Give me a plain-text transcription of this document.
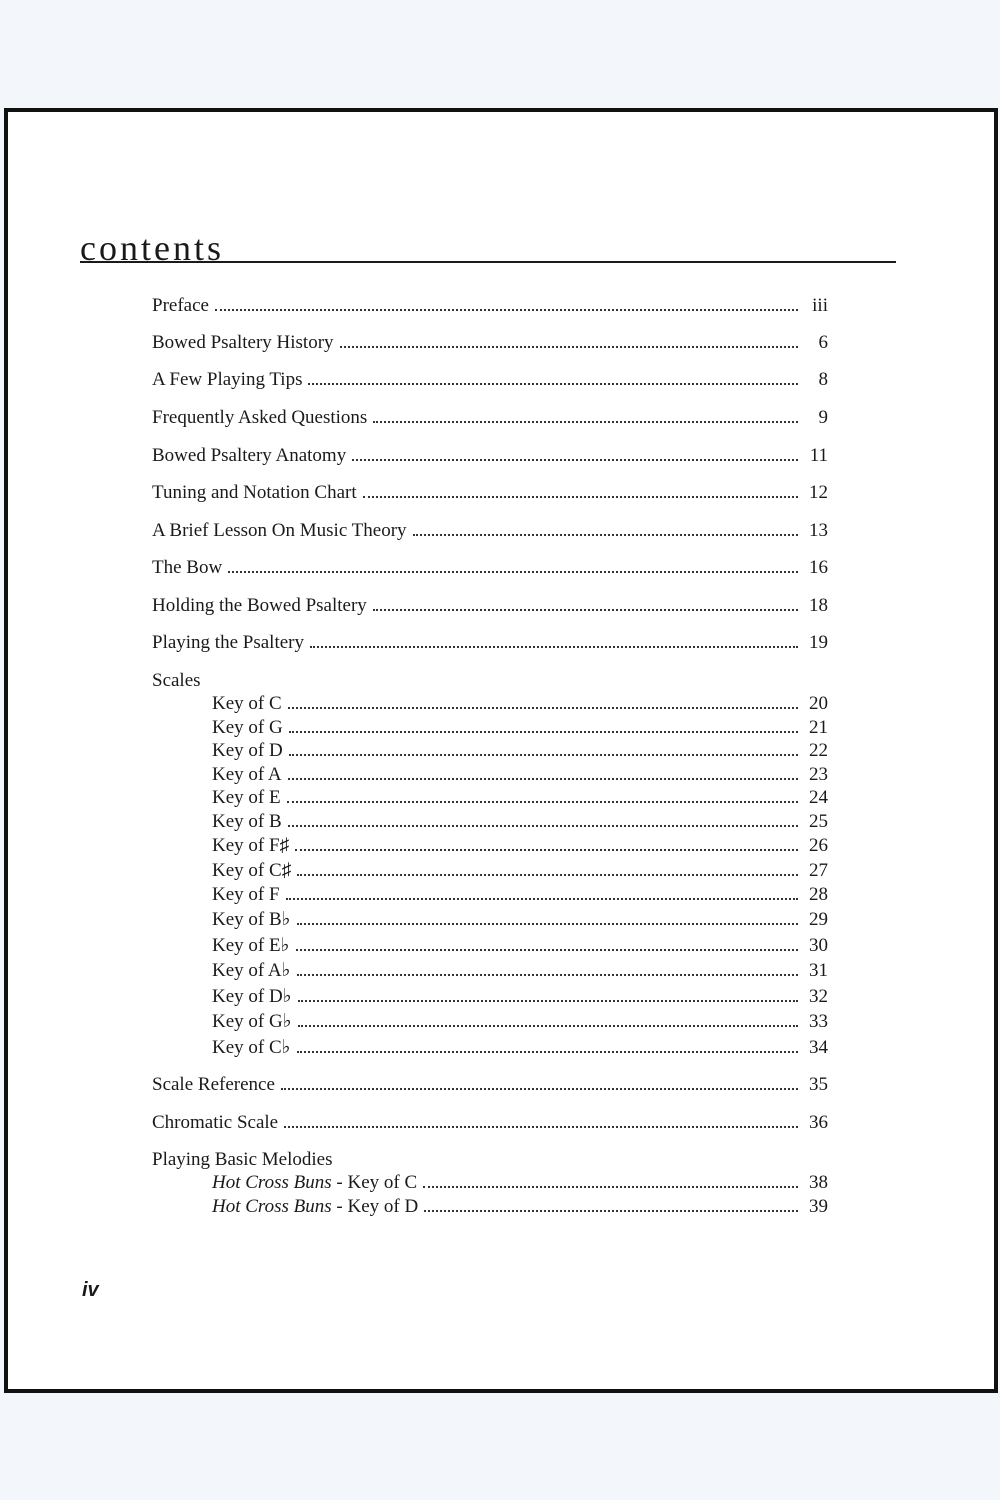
contents
Preface	iii
Bowed Psaltery History	6
A Few Playing Tips	8
Frequently Asked Questions	9
Bowed Psaltery Anatomy	11
Tuning and Notation Chart	12
A Brief Lesson On Music Theory	13
The Bow	16
Holding the Bowed Psaltery	18
Playing the Psaltery	19
Scales
Key of C	20
Key of G	21
Key of D	22
Key of A	23
Key of E	24
Key of B	25
Key of F♯	26
Key of C♯	27
Key of F	28
Key of B♭	29
Key of E♭	30
Key of A♭	31
Key of D♭	32
Key of G♭	33
Key of C♭	34
Scale Reference	35
Chromatic Scale	36
Playing Basic Melodies
Hot Cross Buns - Key of C	38
Hot Cross Buns - Key of D	39
iv
